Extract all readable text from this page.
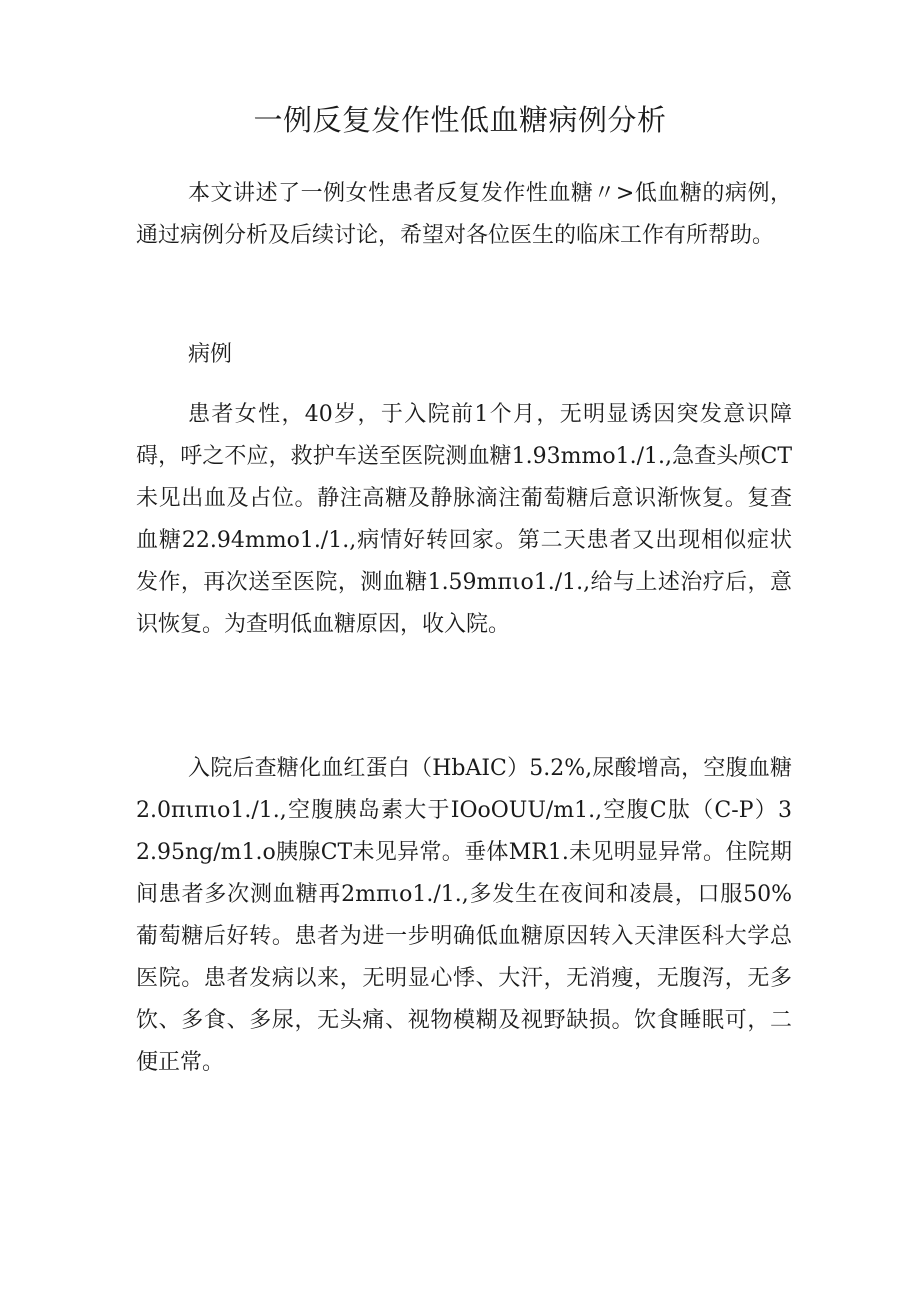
一例反复发作性低血糖病例分析

本文讲述了一例女性患者反复发作性血糖〃>低血糖的病例，通过病例分析及后续讨论，希望对各位医生的临床工作有所帮助。

病例

患者女性，40岁，于入院前1个月，无明显诱因突发意识障碍，呼之不应，救护车送至医院测血糖1.93mmo1./1.,急查头颅CT未见出血及占位。静注高糖及静脉滴注葡萄糖后意识渐恢复。复查血糖22.94mmo1./1.,病情好转回家。第二天患者又出现相似症状发作，再次送至医院，测血糖1.59mπιo1./1.,给与上述治疗后，意识恢复。为查明低血糖原因，收入院。

入院后查糖化血红蛋白（HbAIC）5.2%,尿酸增高，空腹血糖2.0πιπιo1./1.,空腹胰岛素大于IOoOUU/m1.,空腹C肽（C-P）32.95ng/m1.o胰腺CT未见异常。垂体MR1.未见明显异常。住院期间患者多次测血糖再2mπιo1./1.,多发生在夜间和凌晨，口服50%葡萄糖后好转。患者为进一步明确低血糖原因转入天津医科大学总医院。患者发病以来，无明显心悸、大汗，无消瘦，无腹泻，无多饮、多食、多尿，无头痛、视物模糊及视野缺损。饮食睡眠可，二便正常。
